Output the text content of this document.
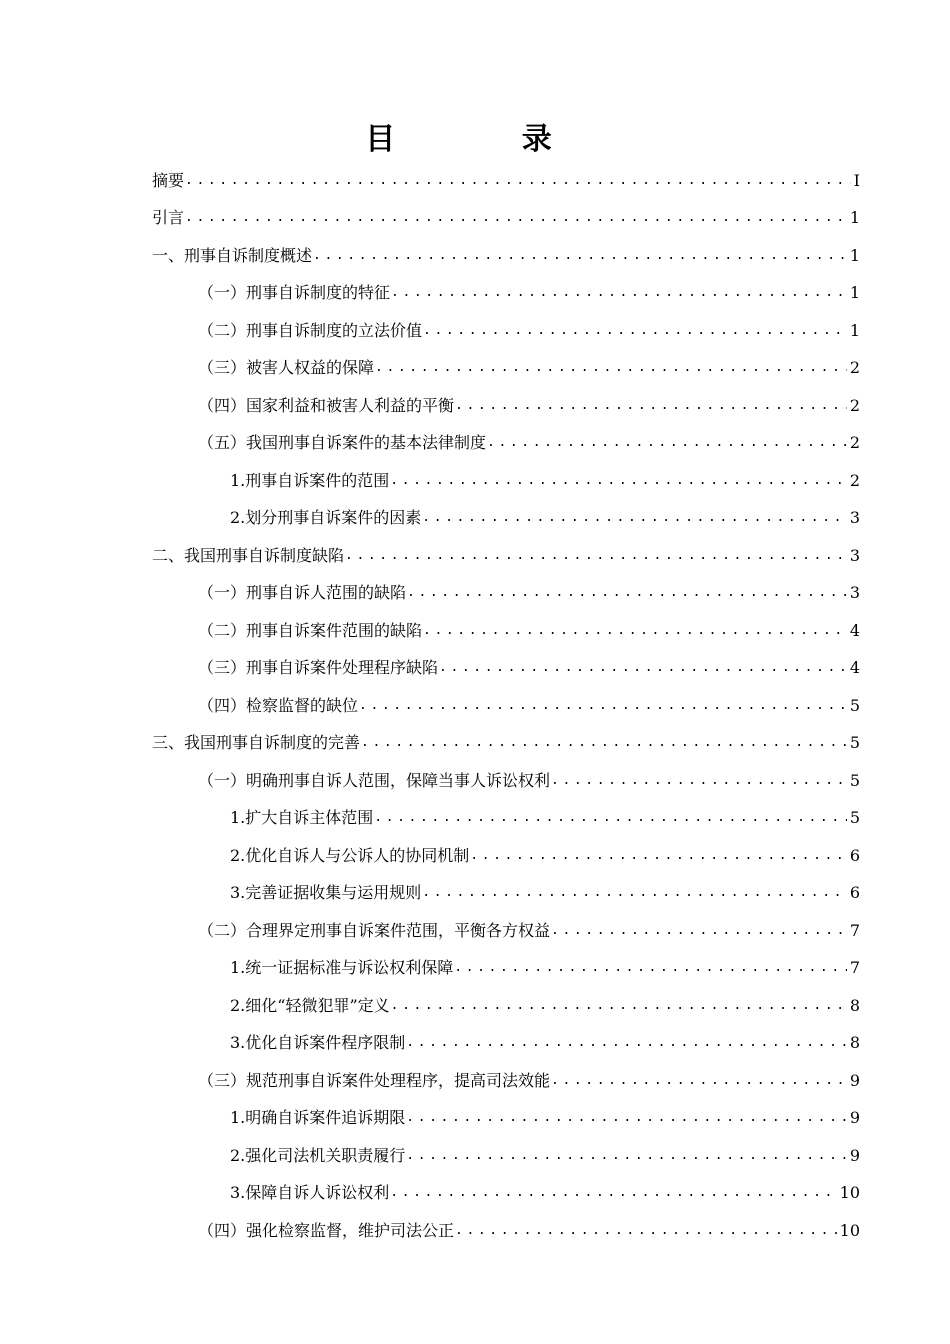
目 录
摘要 .....	I
引言 .....	1
一、刑事自诉制度概述 .....	1
（一）刑事自诉制度的特征 .....	1
（二）刑事自诉制度的立法价值 .....	1
（三）被害人权益的保障 .....	2
（四）国家利益和被害人利益的平衡 .....	2
（五）我国刑事自诉案件的基本法律制度 .....	2
1.刑事自诉案件的范围 .....	2
2.划分刑事自诉案件的因素 .....	3
二、我国刑事自诉制度缺陷 .....	3
（一）刑事自诉人范围的缺陷 .....	3
（二）刑事自诉案件范围的缺陷 .....	4
（三）刑事自诉案件处理程序缺陷 .....	4
（四）检察监督的缺位 .....	5
三、我国刑事自诉制度的完善 .....	5
（一）明确刑事自诉人范围，保障当事人诉讼权利 .....	5
1.扩大自诉主体范围 .....	5
2.优化自诉人与公诉人的协同机制 .....	6
3.完善证据收集与运用规则 .....	6
（二）合理界定刑事自诉案件范围，平衡各方权益 .....	7
1.统一证据标准与诉讼权利保障 .....	7
2.细化“轻微犯罪”定义 .....	8
3.优化自诉案件程序限制 .....	8
（三）规范刑事自诉案件处理程序，提高司法效能 .....	9
1.明确自诉案件追诉期限 .....	9
2.强化司法机关职责履行 .....	9
3.保障自诉人诉讼权利 .....	10
（四）强化检察监督，维护司法公正 .....	10
